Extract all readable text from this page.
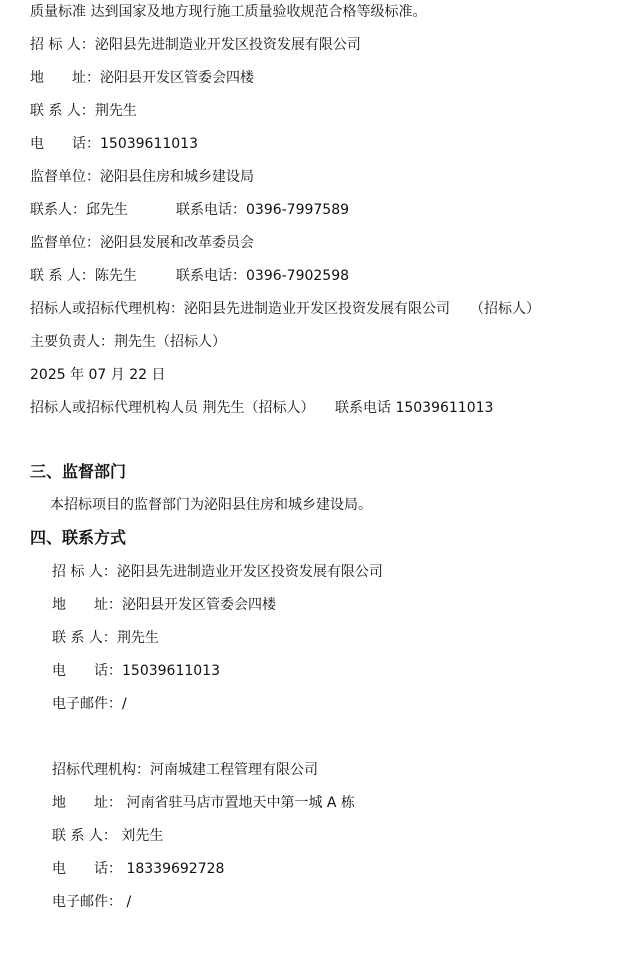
质量标准 达到国家及地方现行施工质量验收规范合格等级标准。
招 标 人：泌阳县先进制造业开发区投资发展有限公司
地　　址：泌阳县开发区管委会四楼
联 系 人：荆先生
电　　话：15039611013
监督单位：泌阳县住房和城乡建设局
联系人：邱先生	联系电话：0396-7997589
监督单位：泌阳县发展和改革委员会
联 系 人：陈先生	联系电话：0396-7902598
招标人或招标代理机构：泌阳县先进制造业开发区投资发展有限公司 （招标人）
主要负责人：荆先生（招标人）
2025 年 07 月 22 日
招标人或招标代理机构人员 荆先生（招标人） 联系电话 15039611013
三、监督部门
本招标项目的监督部门为泌阳县住房和城乡建设局。
四、联系方式
招 标 人：泌阳县先进制造业开发区投资发展有限公司
地　　址：泌阳县开发区管委会四楼
联 系 人：荆先生
电　　话：15039611013
电子邮件：/
招标代理机构：河南城建工程管理有限公司
地　　址： 河南省驻马店市置地天中第一城 A 栋
联 系 人： 刘先生
电　　话： 18339692728
电子邮件： /
